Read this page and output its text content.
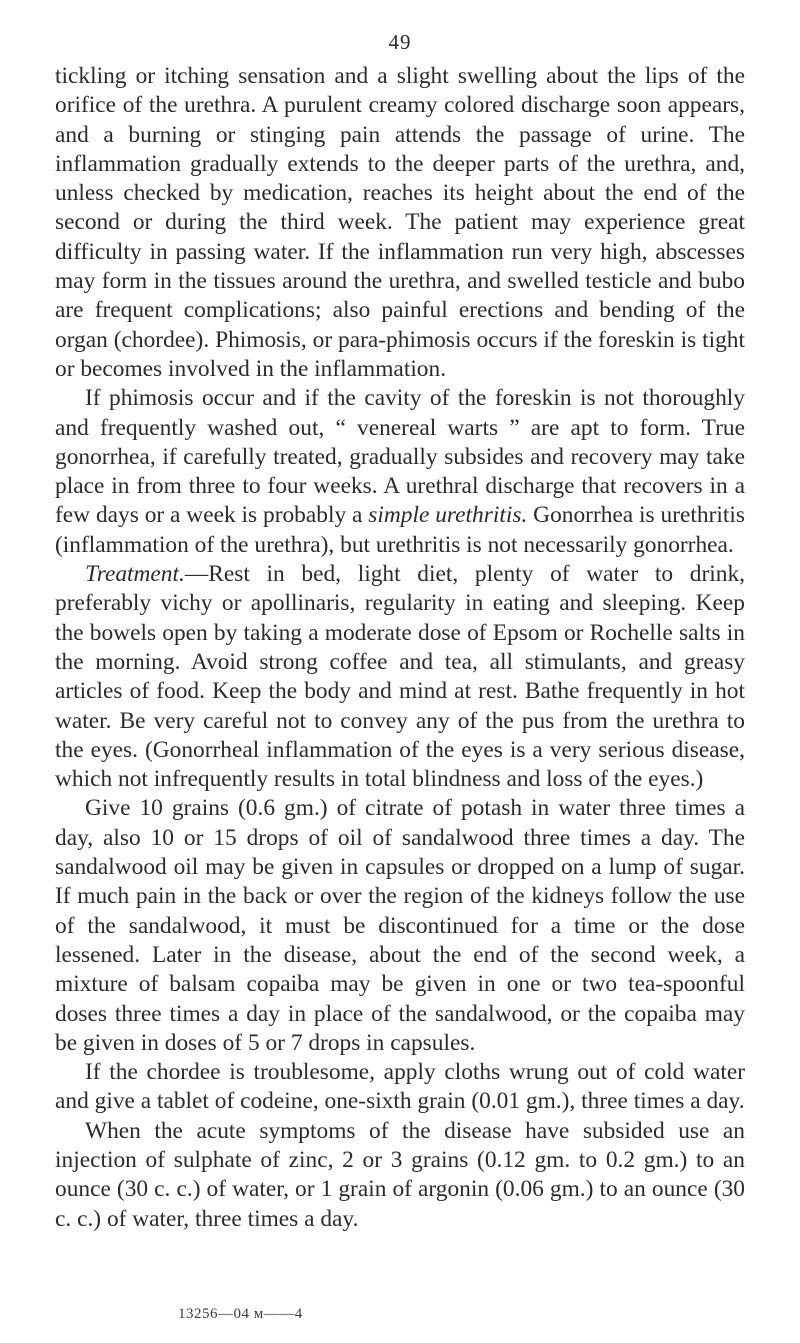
49

tickling or itching sensation and a slight swelling about the lips of the orifice of the urethra. A purulent creamy colored discharge soon appears, and a burning or stinging pain attends the passage of urine. The inflammation gradually extends to the deeper parts of the urethra, and, unless checked by medication, reaches its height about the end of the second or during the third week. The patient may experience great difficulty in passing water. If the inflammation run very high, abscesses may form in the tissues around the urethra, and swelled testicle and bubo are frequent complications; also painful erections and bending of the organ (chordee). Phimosis, or para-phimosis occurs if the foreskin is tight or becomes involved in the inflammation.

If phimosis occur and if the cavity of the foreskin is not thoroughly and frequently washed out, “ venereal warts ” are apt to form. True gonorrhea, if carefully treated, gradually subsides and recovery may take place in from three to four weeks. A urethral discharge that recovers in a few days or a week is probably a simple urethritis. Gonorrhea is urethritis (inflammation of the urethra), but urethritis is not necessarily gonorrhea.

Treatment.—Rest in bed, light diet, plenty of water to drink, preferably vichy or apollinaris, regularity in eating and sleeping. Keep the bowels open by taking a moderate dose of Epsom or Rochelle salts in the morning. Avoid strong coffee and tea, all stimulants, and greasy articles of food. Keep the body and mind at rest. Bathe frequently in hot water. Be very careful not to convey any of the pus from the urethra to the eyes. (Gonorrheal inflammation of the eyes is a very serious disease, which not infrequently results in total blindness and loss of the eyes.)

Give 10 grains (0.6 gm.) of citrate of potash in water three times a day, also 10 or 15 drops of oil of sandalwood three times a day. The sandalwood oil may be given in capsules or dropped on a lump of sugar. If much pain in the back or over the region of the kidneys follow the use of the sandalwood, it must be discontinued for a time or the dose lessened. Later in the disease, about the end of the second week, a mixture of balsam copaiba may be given in one or two tea-spoonful doses three times a day in place of the sandalwood, or the copaiba may be given in doses of 5 or 7 drops in capsules.

If the chordee is troublesome, apply cloths wrung out of cold water and give a tablet of codeine, one-sixth grain (0.01 gm.), three times a day.

When the acute symptoms of the disease have subsided use an injection of sulphate of zinc, 2 or 3 grains (0.12 gm. to 0.2 gm.) to an ounce (30 c. c.) of water, or 1 grain of argonin (0.06 gm.) to an ounce (30 c. c.) of water, three times a day.

13256—04 м——4
